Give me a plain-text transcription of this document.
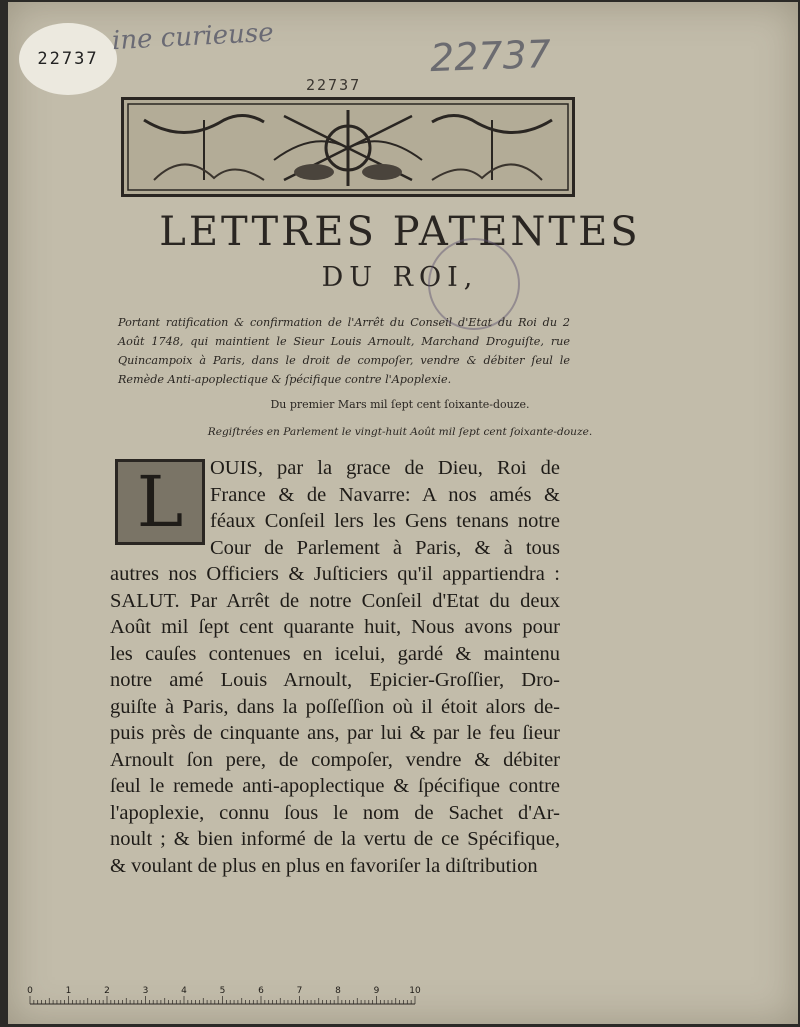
22737
ine curieuse	22737
22737
LETTRES PATENTES
DU ROI,
Portant ratification & confirmation de l'Arrêt du Conseil d'Etat du Roi du 2 Août 1748, qui maintient le Sieur Louis Arnoult, Marchand Droguiſte, rue Quincampoix à Paris, dans le droit de compoſer, vendre & débiter ſeul le Remède Anti-apoplectique & ſpécifique contre l'Apoplexie.
Du premier Mars mil ſept cent ſoixante-douze.
Regiſtrées en Parlement le vingt-huit Août mil ſept cent ſoixante-douze.
L	OUIS, par la grace de Dieu, Roi de
France & de Navarre: A nos amés &
féaux Conſeil lers les Gens tenans notre
Cour de Parlement à Paris, & à tous
autres nos Officiers & Juſticiers qu'il appartiendra :
SALUT. Par Arrêt de notre Conſeil d'Etat du deux
Août mil ſept cent quarante huit, Nous avons pour
les cauſes contenues en icelui, gardé & maintenu
notre amé Louis Arnoult, Epicier-Groſſier, Dro-
guiſte à Paris, dans la poſſeſſion où il étoit alors de-
puis près de cinquante ans, par lui & par le feu ſieur
Arnoult ſon pere, de compoſer, vendre & débiter
ſeul le remede anti-apoplectique & ſpécifique contre
l'apoplexie, connu ſous le nom de Sachet d'Ar-
noult ; & bien informé de la vertu de ce Spécifique,
& voulant de plus en plus en favoriſer la diſtribution
0	1	2	3	4	5	6	7	8	9	10
